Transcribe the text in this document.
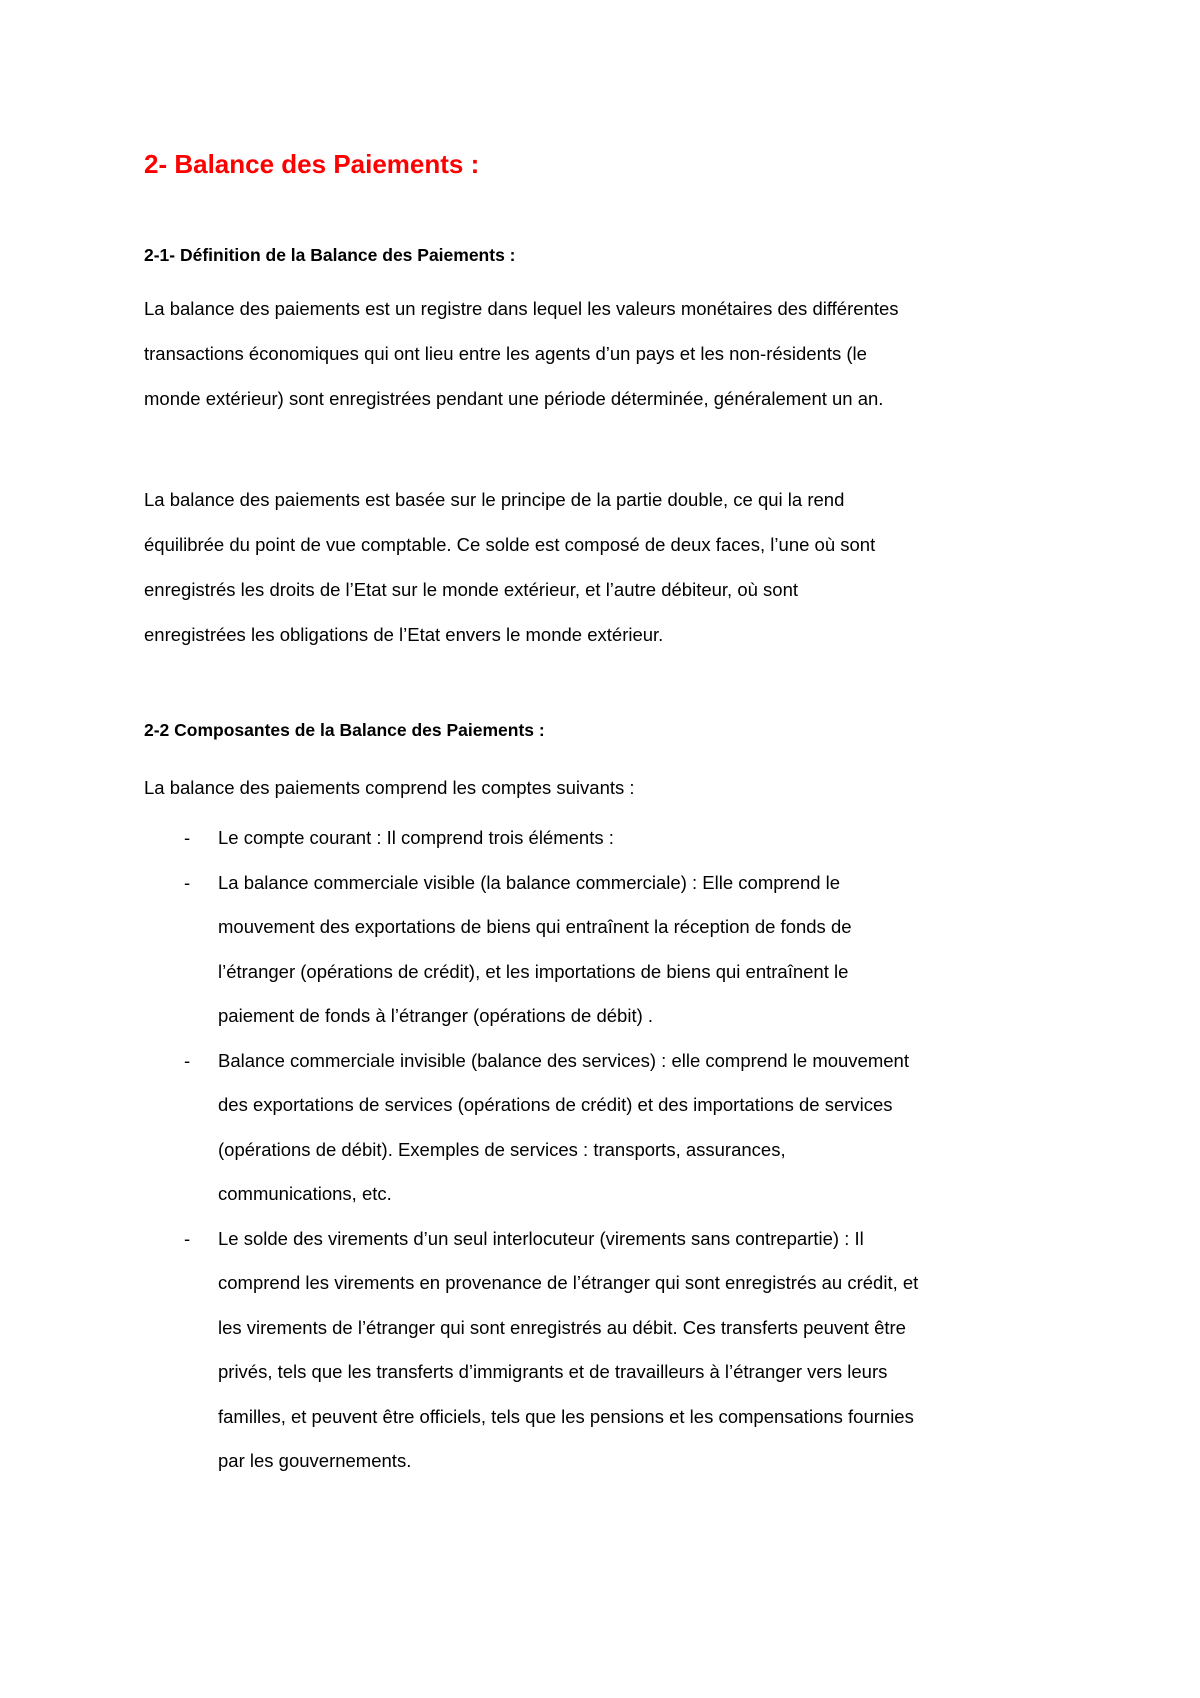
2- Balance des Paiements :
2-1- Définition de la Balance des Paiements :

La balance des paiements est un registre dans lequel les valeurs monétaires des différentes
transactions économiques qui ont lieu entre les agents d’un pays et les non-résidents (le
monde extérieur) sont enregistrées pendant une période déterminée, généralement un an.

La balance des paiements est basée sur le principe de la partie double, ce qui la rend
équilibrée du point de vue comptable. Ce solde est composé de deux faces, l’une où sont
enregistrés les droits de l’Etat sur le monde extérieur, et l’autre débiteur, où sont
enregistrées les obligations de l’Etat envers le monde extérieur.

2-2 Composantes de la Balance des Paiements :

La balance des paiements comprend les comptes suivants :

- Le compte courant : Il comprend trois éléments :
- La balance commerciale visible (la balance commerciale) : Elle comprend le
mouvement des exportations de biens qui entraînent la réception de fonds de
l’étranger (opérations de crédit), et les importations de biens qui entraînent le
paiement de fonds à l’étranger (opérations de débit) .
- Balance commerciale invisible (balance des services) : elle comprend le mouvement
des exportations de services (opérations de crédit) et des importations de services
(opérations de débit). Exemples de services : transports, assurances,
communications, etc.
- Le solde des virements d’un seul interlocuteur (virements sans contrepartie) : Il
comprend les virements en provenance de l’étranger qui sont enregistrés au crédit, et
les virements de l’étranger qui sont enregistrés au débit. Ces transferts peuvent être
privés, tels que les transferts d’immigrants et de travailleurs à l’étranger vers leurs
familles, et peuvent être officiels, tels que les pensions et les compensations fournies
par les gouvernements.
